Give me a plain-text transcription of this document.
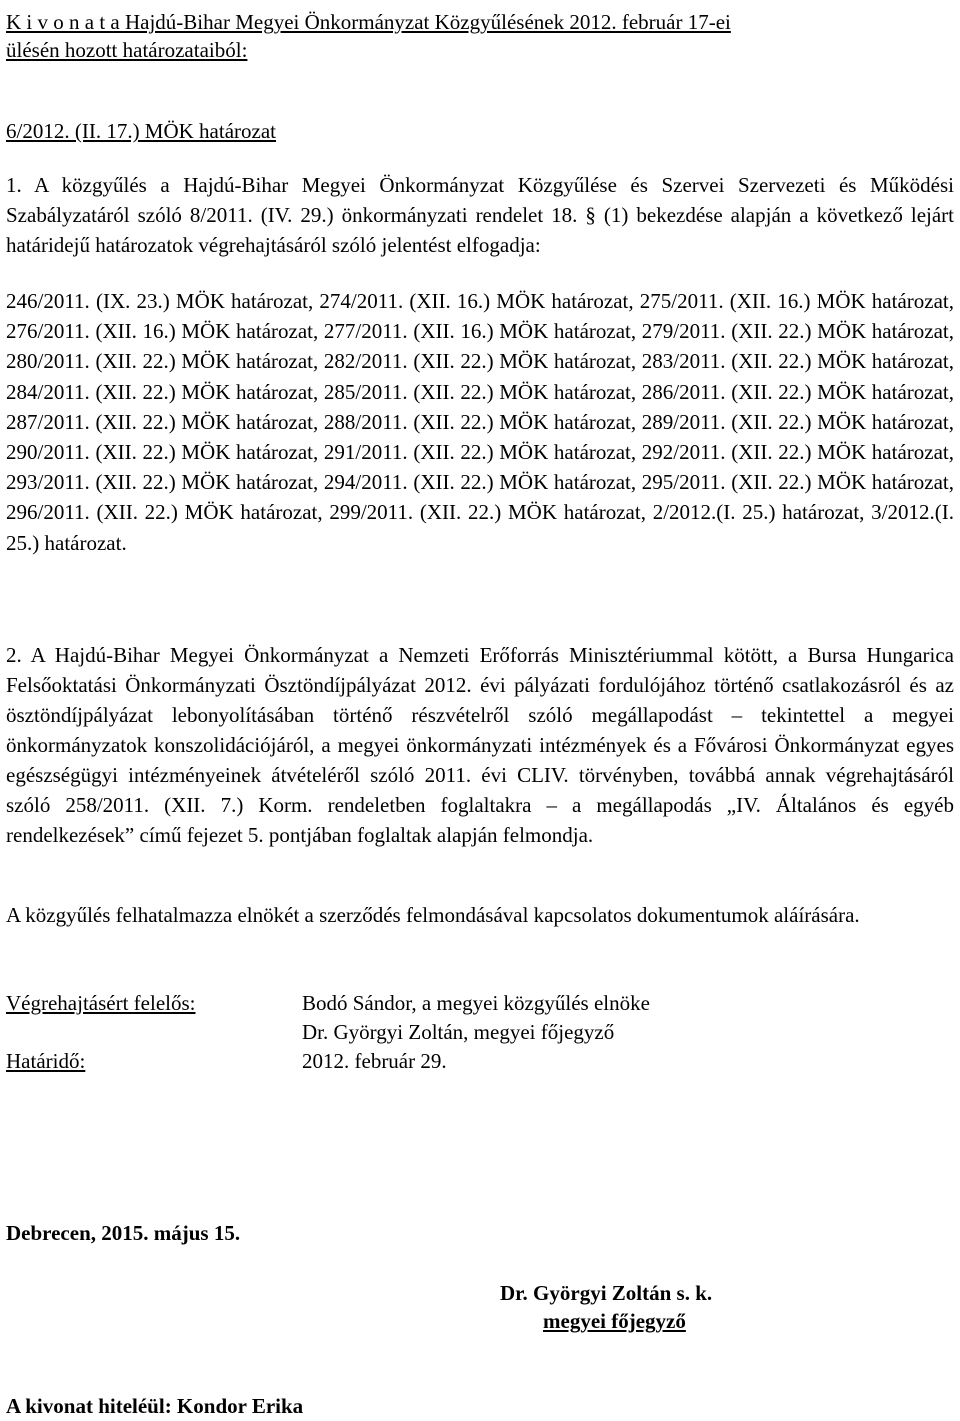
K i v o n a t a Hajdú-Bihar Megyei Önkormányzat Közgyűlésének 2012. február 17-ei
ülésén hozott határozataiból:
6/2012. (II. 17.) MÖK határozat
1. A közgyűlés a Hajdú-Bihar Megyei Önkormányzat Közgyűlése és Szervei Szervezeti és Működési Szabályzatáról szóló 8/2011. (IV. 29.) önkormányzati rendelet 18. § (1) bekezdése alapján a következő lejárt határidejű határozatok végrehajtásáról szóló jelentést elfogadja:
246/2011. (IX. 23.) MÖK határozat, 274/2011. (XII. 16.) MÖK határozat, 275/2011. (XII. 16.) MÖK határozat, 276/2011. (XII. 16.) MÖK határozat, 277/2011. (XII. 16.) MÖK határozat, 279/2011. (XII. 22.) MÖK határozat, 280/2011. (XII. 22.) MÖK határozat, 282/2011. (XII. 22.) MÖK határozat, 283/2011. (XII. 22.) MÖK határozat, 284/2011. (XII. 22.) MÖK határozat, 285/2011. (XII. 22.) MÖK határozat, 286/2011. (XII. 22.) MÖK határozat, 287/2011. (XII. 22.) MÖK határozat, 288/2011. (XII. 22.) MÖK határozat, 289/2011. (XII. 22.) MÖK határozat, 290/2011. (XII. 22.) MÖK határozat, 291/2011. (XII. 22.) MÖK határozat, 292/2011. (XII. 22.) MÖK határozat, 293/2011. (XII. 22.) MÖK határozat, 294/2011. (XII. 22.) MÖK határozat, 295/2011. (XII. 22.) MÖK határozat, 296/2011. (XII. 22.) MÖK határozat, 299/2011. (XII. 22.) MÖK határozat, 2/2012.(I. 25.) határozat, 3/2012.(I. 25.) határozat.
2. A Hajdú-Bihar Megyei Önkormányzat a Nemzeti Erőforrás Minisztériummal kötött, a Bursa Hungarica Felsőoktatási Önkormányzati Ösztöndíjpályázat 2012. évi pályázati fordulójához történő csatlakozásról és az ösztöndíjpályázat lebonyolításában történő részvételről szóló megállapodást – tekintettel a megyei önkormányzatok konszolidációjáról, a megyei önkormányzati intézmények és a Fővárosi Önkormányzat egyes egészségügyi intézményeinek átvételéről szóló 2011. évi CLIV. törvényben, továbbá annak végrehajtásáról szóló 258/2011. (XII. 7.) Korm. rendeletben foglaltakra – a megállapodás „IV. Általános és egyéb rendelkezések” című fejezet 5. pontjában foglaltak alapján felmondja.
A közgyűlés felhatalmazza elnökét a szerződés felmondásával kapcsolatos dokumentumok aláírására.
Végrehajtásért felelős:	Bodó Sándor, a megyei közgyűlés elnöke
Dr. Györgyi Zoltán, megyei főjegyző
Határidő:	2012. február 29.
Debrecen, 2015. május 15.
Dr. Györgyi Zoltán s. k.
megyei főjegyző
A kivonat hiteléül: Kondor Erika
